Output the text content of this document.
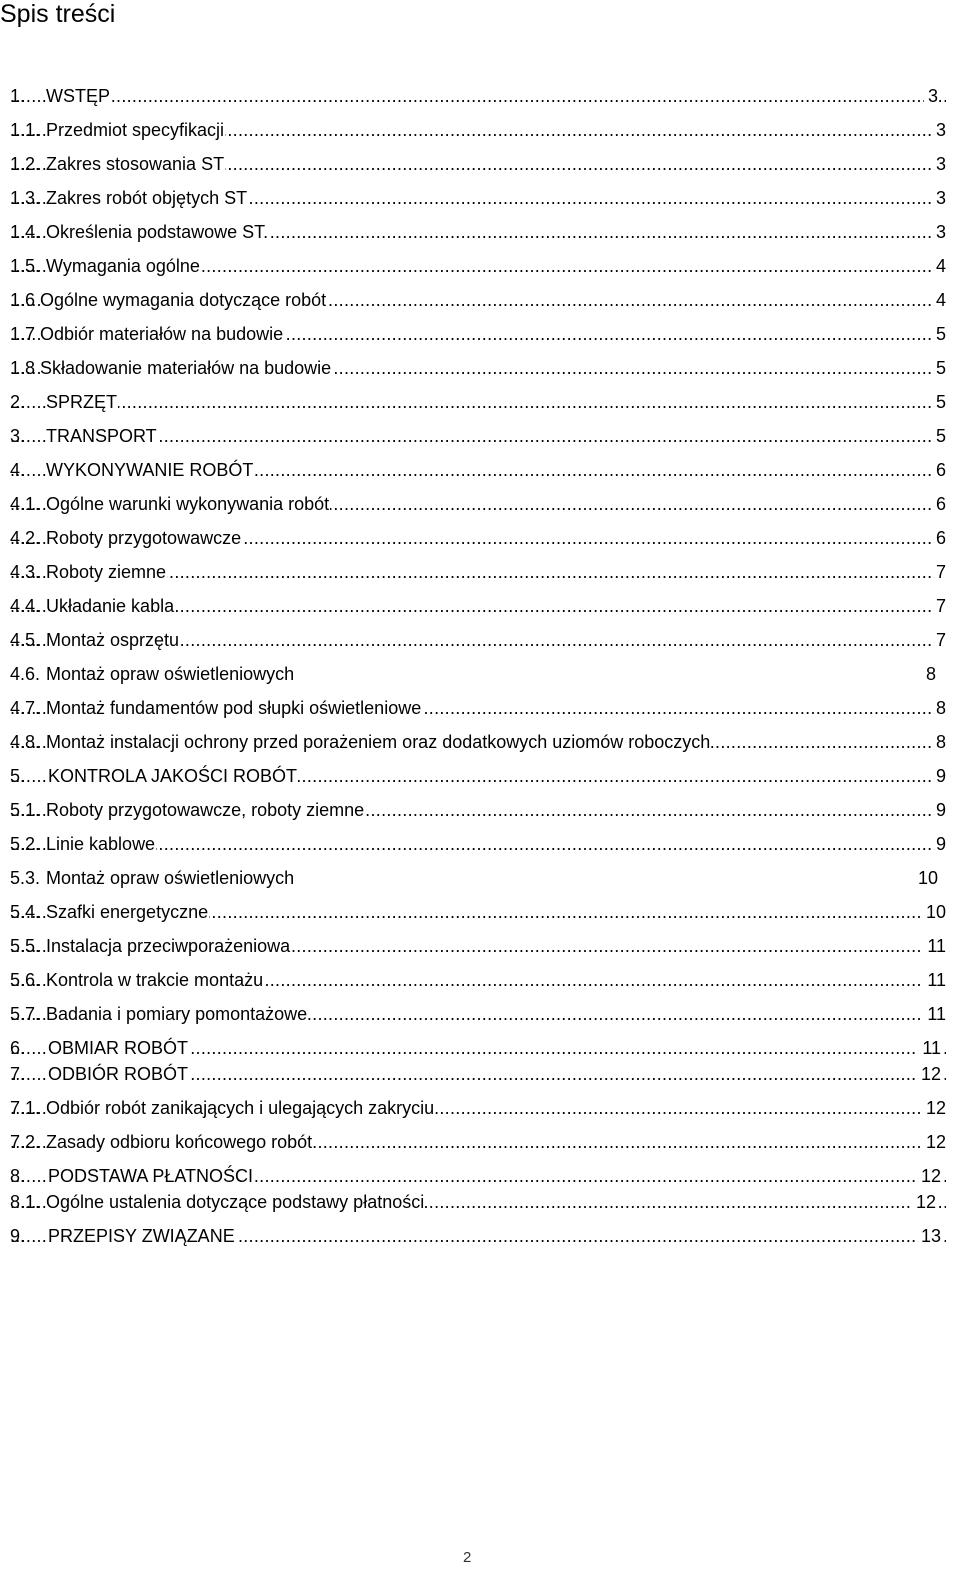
Spis treści
.....
1. WSTĘP	3
.....
1.1. Przedmiot specyfikacji	3
.....
1.2. Zakres stosowania ST	3
.....
1.3. Zakres robót objętych ST	3
.....
1.4. Określenia podstawowe ST.	3
.....
1.5. Wymagania ogólne	4
.....
1.6 Ogólne wymagania dotyczące robót	4
.....
1.7 Odbiór materiałów na budowie	5
.....
1.8 Składowanie materiałów na budowie	5
.....
2. SPRZĘT	5
.....
3. TRANSPORT	5
.....
4. WYKONYWANIE ROBÓT	6
.....
4.1. Ogólne warunki wykonywania robót	6
.....
4.2. Roboty przygotowawcze	6
.....
4.3. Roboty ziemne	7
.....
4.4. Układanie kabla	7
.....
4.5. Montaż osprzętu	7
4.6. Montaż opraw oświetleniowych	8
.....
4.7. Montaż fundamentów pod słupki oświetleniowe	8
.....
4.8. Montaż instalacji ochrony przed porażeniem oraz dodatkowych uziomów roboczych	8
.....
5. KONTROLA JAKOŚCI ROBÓT	9
.....
5.1. Roboty przygotowawcze, roboty ziemne	9
.....
5.2. Linie kablowe	9
5.3. Montaż opraw oświetleniowych	10
.....
5.4. Szafki energetyczne	10
.....
5.5. Instalacja przeciwporażeniowa	11
.....
5.6. Kontrola w trakcie montażu	11
.....
5.7. Badania i pomiary pomontażowe	11
.....
6. OBMIAR ROBÓT	11
.....
7. ODBIÓR ROBÓT	12
.....
7.1. Odbiór robót zanikających i ulegających zakryciu	12
.....
7.2. Zasady odbioru końcowego robót	12
.....
8. PODSTAWA PŁATNOŚCI	12
.....
8.1. Ogólne ustalenia dotyczące podstawy płatności	12
.....
9. PRZEPISY ZWIĄZANE	13
2
